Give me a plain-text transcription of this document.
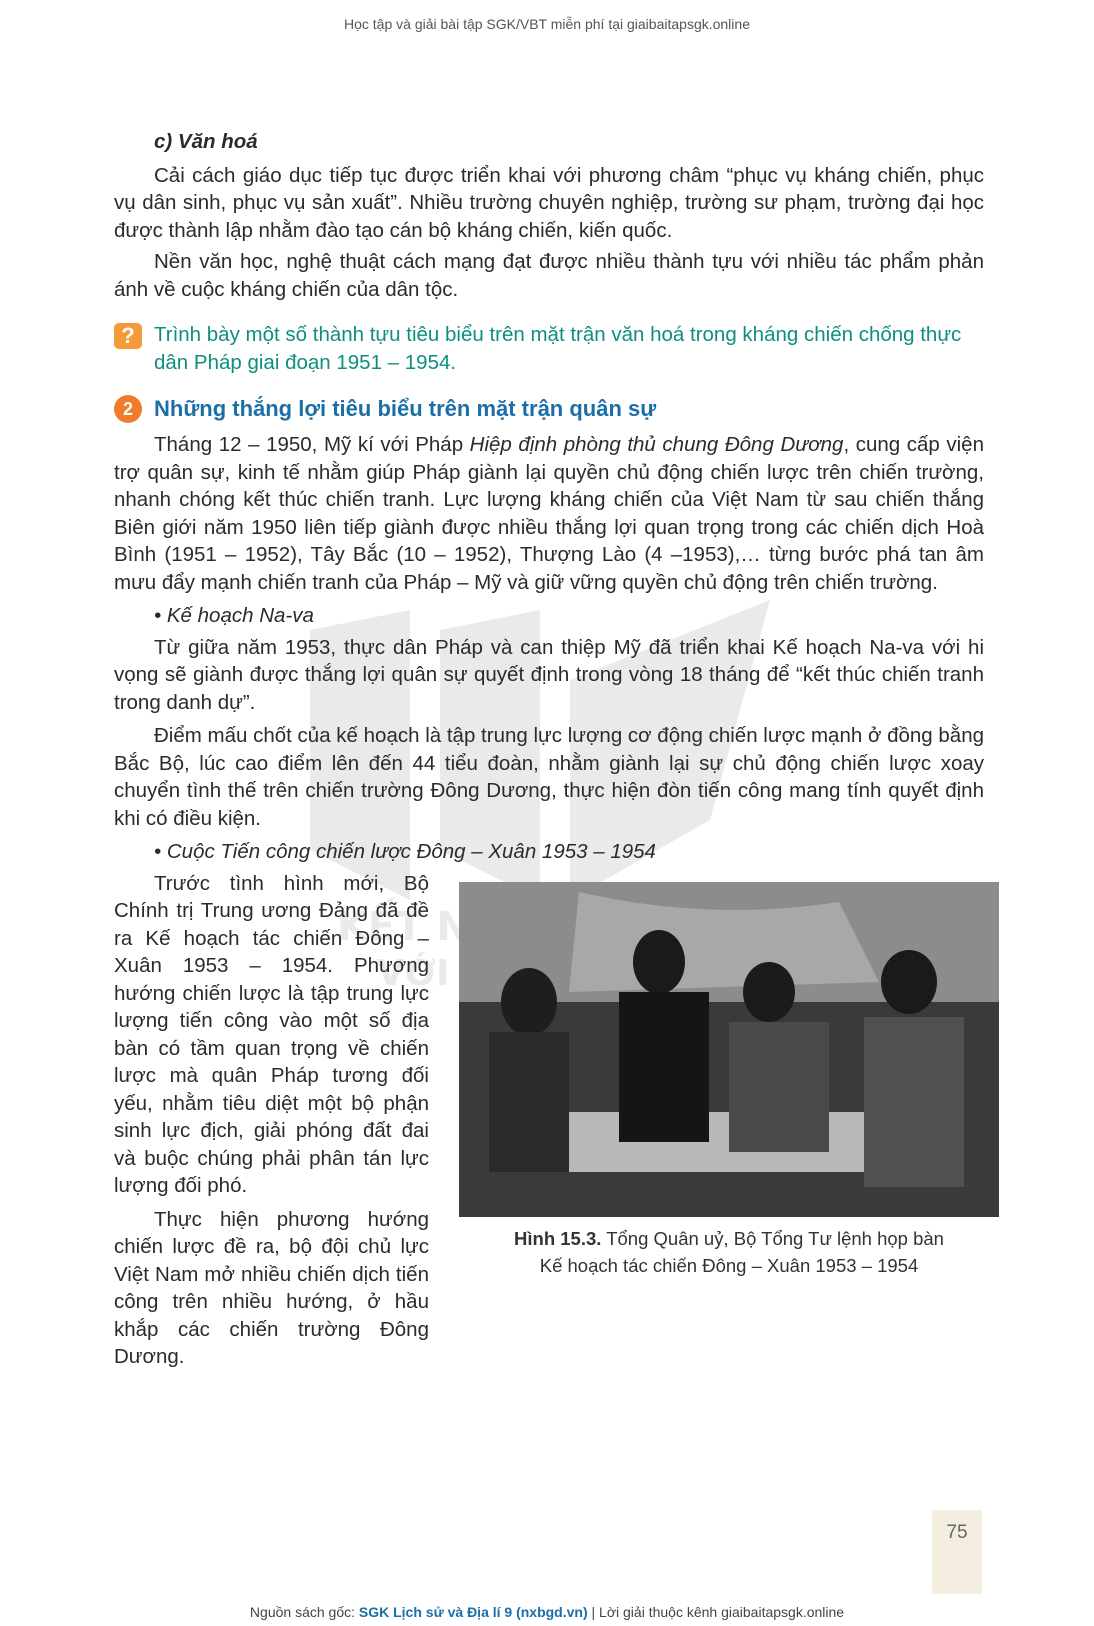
Học tập và giải bài tập SGK/VBT miễn phí tại giaibaitapsgk.online
KẾT
VỚI
c) Văn hoá

Cải cách giáo dục tiếp tục được triển khai với phương châm “phục vụ kháng chiến, phục vụ dân sinh, phục vụ sản xuất”. Nhiều trường chuyên nghiệp, trường sư phạm, trường đại học được thành lập nhằm đào tạo cán bộ kháng chiến, kiến quốc.

Nền văn học, nghệ thuật cách mạng đạt được nhiều thành tựu với nhiều tác phẩm phản ánh về cuộc kháng chiến của dân tộc.

? Trình bày một số thành tựu tiêu biểu trên mặt trận văn hoá trong kháng chiến chống thực dân Pháp giai đoạn 1951 – 1954.
2 Những thắng lợi tiêu biểu trên mặt trận quân sự

Tháng 12 – 1950, Mỹ kí với Pháp Hiệp định phòng thủ chung Đông Dương, cung cấp viện trợ quân sự, kinh tế nhằm giúp Pháp giành lại quyền chủ động chiến lược trên chiến trường, nhanh chóng kết thúc chiến tranh. Lực lượng kháng chiến của Việt Nam từ sau chiến thắng Biên giới năm 1950 liên tiếp giành được nhiều thắng lợi quan trọng trong các chiến dịch Hoà Bình (1951 – 1952), Tây Bắc (10 – 1952), Thượng Lào (4 –1953),… từng bước phá tan âm mưu đẩy mạnh chiến tranh của Pháp – Mỹ và giữ vững quyền chủ động trên chiến trường.

• Kế hoạch Na-va

Từ giữa năm 1953, thực dân Pháp và can thiệp Mỹ đã triển khai Kế hoạch Na-va với hi vọng sẽ giành được thắng lợi quân sự quyết định trong vòng 18 tháng để “kết thúc chiến tranh trong danh dự”.

Điểm mấu chốt của kế hoạch là tập trung lực lượng cơ động chiến lược mạnh ở đồng bằng Bắc Bộ, lúc cao điểm lên đến 44 tiểu đoàn, nhằm giành lại sự chủ động chiến lược xoay chuyển tình thế trên chiến trường Đông Dương, thực hiện đòn tiến công mang tính quyết định khi có điều kiện.

• Cuộc Tiến công chiến lược Đông – Xuân 1953 – 1954

Trước tình hình mới, Bộ Chính trị Trung ương Đảng đã đề ra Kế hoạch tác chiến Đông – Xuân 1953 – 1954. Phương hướng chiến lược là tập trung lực lượng tiến công vào một số địa bàn có tầm quan trọng về chiến lược mà quân Pháp tương đối yếu, nhằm tiêu diệt một bộ phận sinh lực địch, giải phóng đất đai và buộc chúng phải phân tán lực lượng đối phó.

Thực hiện phương hướng chiến lược đề ra, bộ đội chủ lực Việt Nam mở nhiều chiến dịch tiến công trên nhiều hướng, ở hầu khắp các chiến trường Đông Dương.

Hình 15.3. Tổng Quân uỷ, Bộ Tổng Tư lệnh họp bàn
Kế hoạch tác chiến Đông – Xuân 1953 – 1954
75
Nguồn sách gốc: SGK Lịch sử và Địa lí 9 (nxbgd.vn) | Lời giải thuộc kênh giaibaitapsgk.online
